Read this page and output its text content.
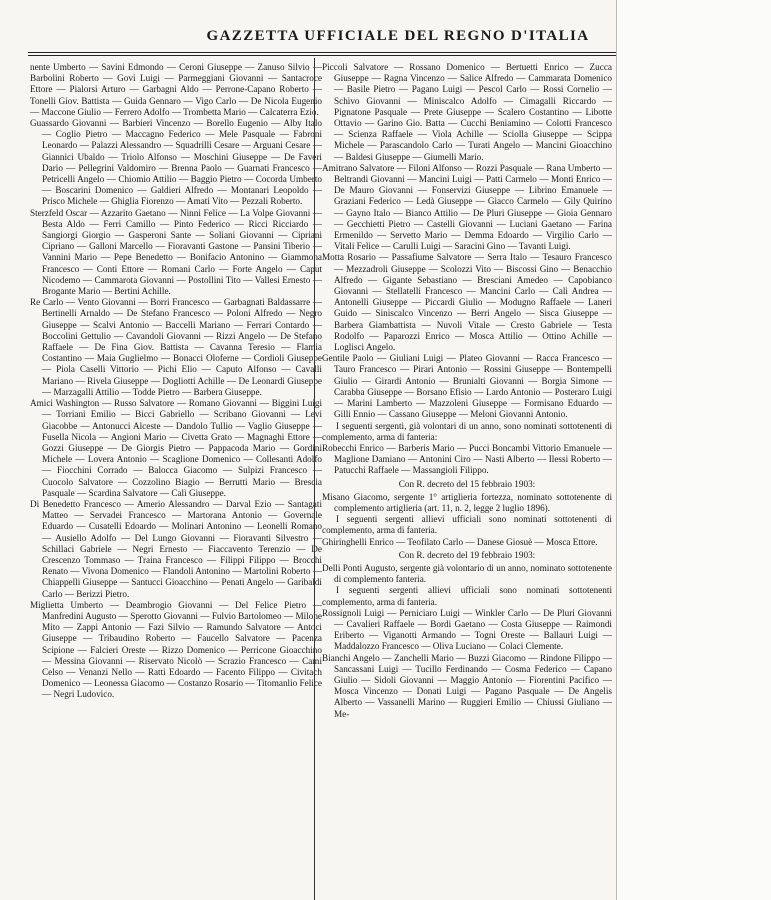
GAZZETTA UFFICIALE DEL REGNO D'ITALIA

nente Umberto — Savini Edmondo — Ceroni Giuseppe — Zanuso Silvio — Barbolini Roberto — Govi Luigi — Parmeggiani Giovanni — Santacroce Ettore — Pialorsi Arturo — Garbagni Aldo — Perrone-Capano Roberto — Tonelli Giov. Battista — Guida Gennaro — Vigo Carlo — De Nicola Eugenio — Maccone Giulio — Ferrero Adolfo — Trombetta Mario — Calcaterra Ezio.

Guassardo Giovanni — Barbieri Vincenzo — Borello Eugenio — Alby Italo — Coglio Pietro — Maccagno Federico — Mele Pasquale — Fabroni Leonardo — Palazzi Alessandro — Squadrilli Cesare — Arguani Cesare — Giannici Ubaldo — Triolo Alfonso — Moschini Giuseppe — De Faveri Dario — Pellegrini Valdomiro — Brenna Paolo — Guarnati Francesco — Petricelli Angelo — Chiomio Attilio — Baggio Pietro — Cocorda Umberto — Boscarini Domenico — Galdieri Alfredo — Montanari Leopoldo — Prisco Michele — Ghiglia Fiorenzo — Amati Vito — Pezzali Roberto.

Sterzfeld Oscar — Azzarito Gaetano — Ninni Felice — La Volpe Giovanni — Besta Aldo — Ferri Camillo — Pinto Federico — Ricci Ricciardo — Sangiorgi Giorgio — Gasperoni Sante — Soliani Giovanni — Cipriani Cipriano — Galloni Marcello — Fioravanti Gastone — Pansini Tiberio — Vannini Mario — Pepe Benedetto — Bonifacio Antonino — Giammona Francesco — Conti Ettore — Romani Carlo — Forte Angelo — Caput Nicodemo — Cammarota Giovanni — Postollini Tito — Vallesi Ernesto — Brogante Mario — Bertini Achille.

Re Carlo — Vento Giovanni — Borri Francesco — Garbagnati Baldassarre — Bertinelli Arnaldo — De Stefano Francesco — Poloni Alfredo — Negro Giuseppe — Scalvi Antonio — Baccelli Mariano — Ferrari Contardo — Boccolini Gettulio — Cavandoli Giovanni — Rizzi Angelo — De Stefano Raffaele — De Fina Giov. Battista — Cavanna Teresio — Flamia Costantino — Maia Guglielmo — Bonacci Oloferne — Cordioli Giuseppe — Piola Caselli Vittorio — Pichi Elio — Caputo Alfonso — Cavalli Mariano — Rivela Giuseppe — Dogliotti Achille — De Leonardi Giuseppe — Marzagalli Attilio — Todde Pietro — Barbera Giuseppe.

Amici Washington — Russo Salvatore — Romano Giovanni — Biggini Luigi — Torriani Emilio — Bicci Gabriello — Scribano Giovanni — Levi Giacobbe — Antonucci Alceste — Dandolo Tullio — Vaglio Giuseppe — Fusella Nicola — Angioni Mario — Civetta Grato — Magnaghi Ettore — Gozzi Giuseppe — De Giorgis Pietro — Pappacoda Mario — Gordini Michele — Lovera Antonio — Scaglione Domenico — Collesanti Adolfo — Fiocchini Corrado — Balocca Giacomo — Sulpizi Francesco — Cuocolo Salvatore — Cozzolino Biagio — Berrutti Mario — Brescia Pasquale — Scardina Salvatore — Calì Giuseppe.

Di Benedetto Francesco — Amerio Alessandro — Darval Ezio — Santagati Matteo — Servadei Francesco — Martorana Antonio — Governale Eduardo — Cusatelli Edoardo — Molinari Antonino — Leonelli Romano — Ausiello Adolfo — Del Lungo Giovanni — Fioravanti Silvestro — Schillaci Gabriele — Negri Ernesto — Fiaccavento Terenzio — De Crescenzo Tommaso — Traina Francesco — Filippi Filippo — Brocchi Renato — Vivona Domenico — Flandoli Antonino — Martolini Roberto — Chiappelli Giuseppe — Santucci Gioacchino — Penati Angelo — Garibaldi Carlo — Berizzi Pietro.

Miglietta Umberto — Deambrogio Giovanni — Del Felice Pietro — Manfredini Augusto — Sperotto Giovanni — Fulvio Bartolomeo — Milone Mito — Zappi Antonio — Fazi Silvio — Ramundo Salvatore — Antoci Giuseppe — Tribaudino Roberto — Faucello Salvatore — Pacenza Scipione — Falcieri Oreste — Rizzo Domenico — Perricone Gioacchino — Messina Giovanni — Riservato Nicolò — Scrazio Francesco — Cami Celso — Venanzi Nello — Ratti Edoardo — Facento Filippo — Civitach Domenico — Leonessa Giacomo — Costanzo Rosario — Titomanlio Felice — Negri Ludovico.

Piccoli Salvatore — Rossano Domenico — Bertuetti Enrico — Zucca Giuseppe — Ragna Vincenzo — Salice Alfredo — Cammarata Domenico — Basile Pietro — Pagano Luigi — Pescol Carlo — Rossi Cornelio — Schivo Giovanni — Miniscalco Adolfo — Cimagalli Riccardo — Pignatone Pasquale — Prete Giuseppe — Scalero Costantino — Libotte Ottavio — Garino Gio. Batta — Cucchi Beniamino — Colotti Francesco — Scienza Raffaele — Viola Achille — Sciolla Giuseppe — Scippa Michele — Parascandolo Carlo — Turati Angelo — Mancini Gioacchino — Baldesi Giuseppe — Giumelli Mario.

Amitrano Salvatore — Filoni Alfonso — Rozzi Pasquale — Rana Umberto — Beltrandi Giovanni — Mancini Luigi — Patti Carmelo — Monti Enrico — De Mauro Giovanni — Fonservizi Giuseppe — Librino Emanuele — Graziani Federico — Ledà Giuseppe — Giacco Carmelo — Gily Quirino — Gayno Italo — Bianco Attilio — De Pluri Giuseppe — Gioia Gennaro — Gecchietti Pietro — Castelli Giovanni — Luciani Gaetano — Farina Ermenildo — Servetto Mario — Demma Edoardo — Virgilio Carlo — Vitali Felice — Carulli Luigi — Saracini Gino — Tavanti Luigi.

Motta Rosario — Passafiume Salvatore — Serra Italo — Tesauro Francesco — Mezzadroli Giuseppe — Scolozzi Vito — Biscossi Gino — Benacchio Alfredo — Gigante Sebastiano — Bresciani Amedeo — Capobianco Giovanni — Stellatelli Francesco — Mancini Carlo — Calì Andrea — Antonelli Giuseppe — Piccardi Giulio — Modugno Raffaele — Laneri Guido — Siniscalco Vincenzo — Berri Angelo — Sisca Giuseppe — Barbera Giambattista — Nuvoli Vitale — Cresto Gabriele — Testa Rodolfo — Paparozzi Enrico — Mosca Attilio — Ottino Achille — Loglisci Angelo.

Gentile Paolo — Giuliani Luigi — Plateo Giovanni — Racca Francesco — Tauro Francesco — Pirari Antonio — Rossini Giuseppe — Bontempelli Giulio — Girardi Antonio — Brunialti Giovanni — Borgia Simone — Carabba Giuseppe — Borsano Efisio — Lardo Antonio — Posteraro Luigi — Marini Lamberto — Mazzoleni Giuseppe — Formisano Eduardo — Gilli Ennio — Cassano Giuseppe — Meloni Giovanni Antonio.

I seguenti sergenti, già volontari di un anno, sono nominati sottotenenti di complemento, arma di fanteria:

Robecchi Enrico — Barberis Mario — Pucci Boncambi Vittorio Emanuele — Maglione Damiano — Antonini Ciro — Nasti Alberto — Ilessi Roberto — Patucchi Raffaele — Massangioli Filippo.

Con R. decreto del 15 febbraio 1903:

Misano Giacomo, sergente 1° artiglieria fortezza, nominato sottotenente di complemento artiglieria (art. 11, n. 2, legge 2 luglio 1896).

I seguenti sergenti allievi ufficiali sono nominati sottotenenti di complemento, arma di fanteria.

Ghiringhelli Enrico — Teofilato Carlo — Danese Giosuè — Mosca Ettore.

Con R. decreto del 19 febbraio 1903:

Delli Ponti Augusto, sergente già volontario di un anno, nominato sottotenente di complemento fanteria.

I seguenti sergenti allievi ufficiali sono nominati sottotenenti complemento, arma di fanteria.

Rossignoli Luigi — Perniciaro Luigi — Winkler Carlo — De Pluri Giovanni — Cavalieri Raffaele — Bordi Gaetano — Costa Giuseppe — Raimondi Eriberto — Viganotti Armando — Togni Oreste — Ballauri Luigi — Maddalozzo Francesco — Oliva Luciano — Colaci Clemente.

Bianchi Angelo — Zanchelli Mario — Buzzi Giacomo — Rindone Filippo — Sancassani Luigi — Tucillo Ferdinando — Cosma Federico — Capano Giulio — Sidoli Giovanni — Maggio Antonio — Fiorentini Pacifico — Mosca Vincenzo — Donati Luigi — Pagano Pasquale — De Angelis Alberto — Vassanelli Marino — Ruggieri Emilio — Chiussi Giuliano — Me-
